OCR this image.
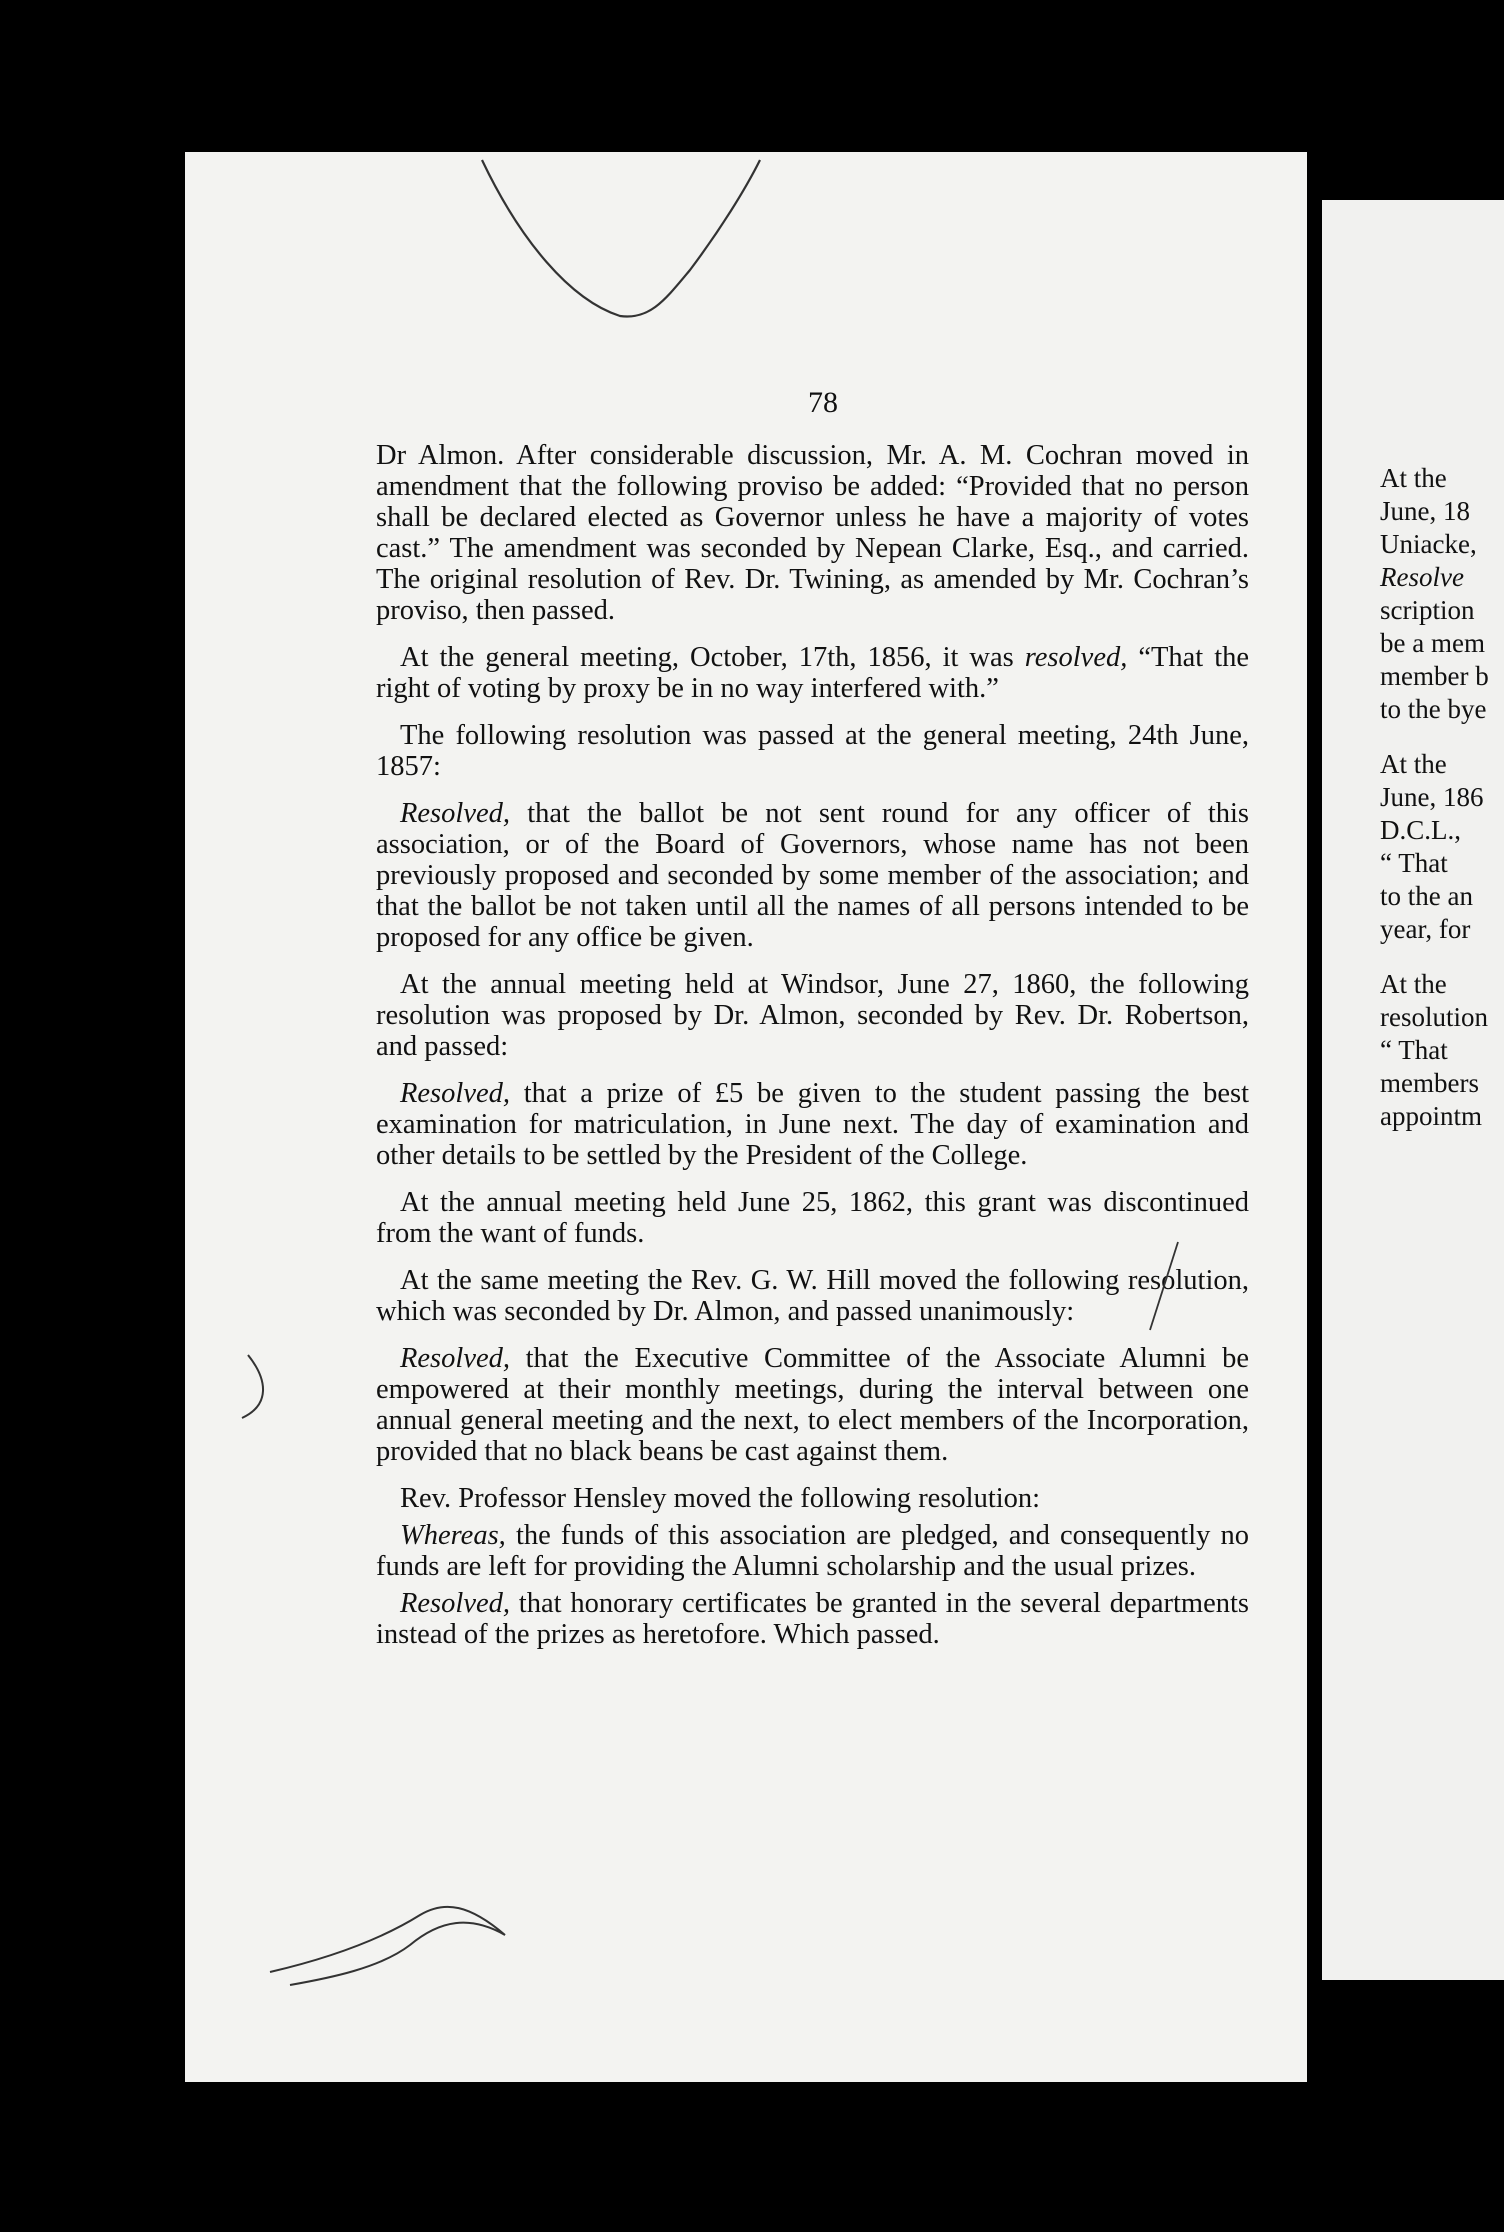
78

Dr Almon. After considerable discussion, Mr. A. M. Cochran moved in amendment that the following proviso be added: “Provided that no person shall be declared elected as Governor unless he have a majority of votes cast.” The amendment was seconded by Nepean Clarke, Esq., and carried. The original resolution of Rev. Dr. Twining, as amended by Mr. Cochran’s proviso, then passed.

At the general meeting, October, 17th, 1856, it was resolved, “That the right of voting by proxy be in no way interfered with.”

The following resolution was passed at the general meeting, 24th June, 1857:

Resolved, that the ballot be not sent round for any officer of this association, or of the Board of Governors, whose name has not been previously proposed and seconded by some member of the association; and that the ballot be not taken until all the names of all persons intended to be proposed for any office be given.

At the annual meeting held at Windsor, June 27, 1860, the following resolution was proposed by Dr. Almon, seconded by Rev. Dr. Robertson, and passed:

Resolved, that a prize of £5 be given to the student passing the best examination for matriculation, in June next. The day of examination and other details to be settled by the President of the College.

At the annual meeting held June 25, 1862, this grant was discontinued from the want of funds.

At the same meeting the Rev. G. W. Hill moved the following resolution, which was seconded by Dr. Almon, and passed unanimously:

Resolved, that the Executive Committee of the Associate Alumni be empowered at their monthly meetings, during the interval between one annual general meeting and the next, to elect members of the Incorporation, provided that no black beans be cast against them.

Rev. Professor Hensley moved the following resolution:

Whereas, the funds of this association are pledged, and consequently no funds are left for providing the Alumni scholarship and the usual prizes.

Resolved, that honorary certificates be granted in the several departments instead of the prizes as heretofore. Which passed.

At the
June, 18
Uniacke,
Resolve
scription
be a mem
member b
to the bye
At the
June, 186
D.C.L.,
“ That
to the an
year, for
At the
resolution
“ That
members
appointm
